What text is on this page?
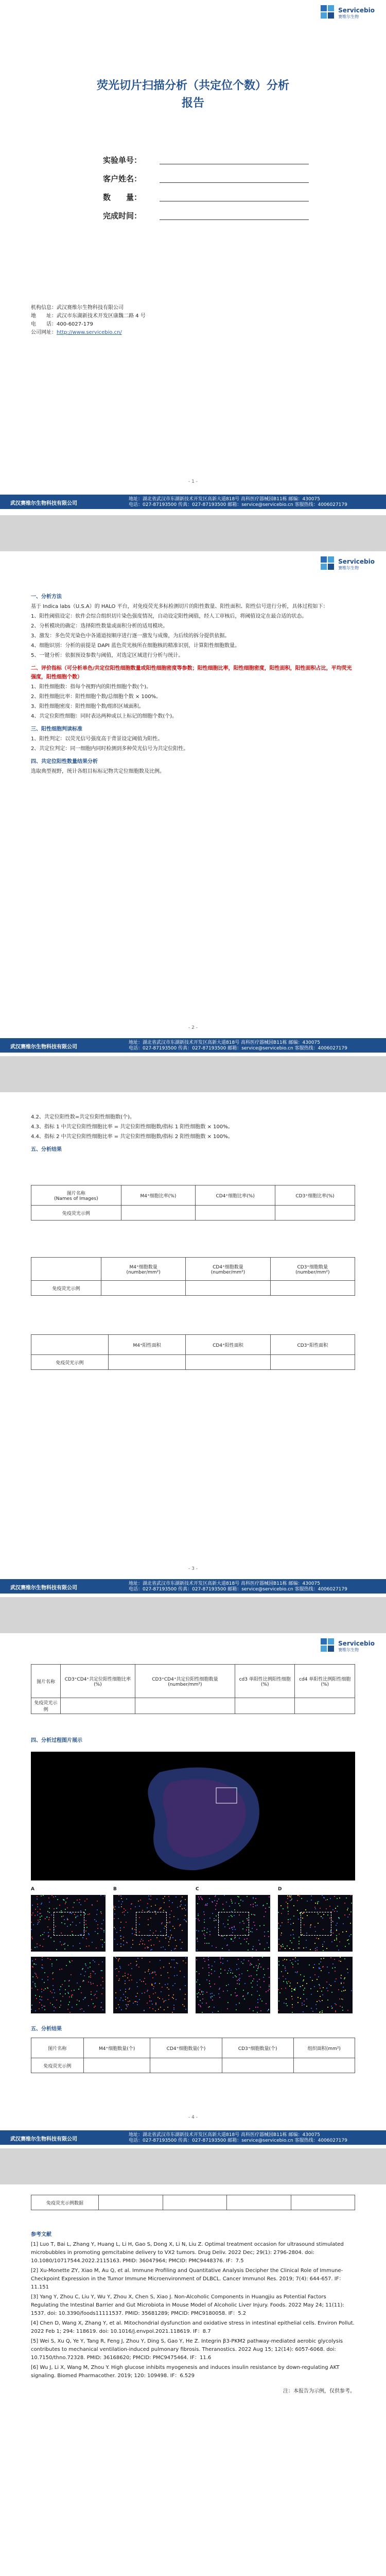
Servicebio
赛维尔生物
荧光切片扫描分析（共定位个数）分析
报告
实验单号：
客户姓名：
数　　量：
完成时间：
机构信息：武汉赛维尔生物科技有限公司
地　　址：武汉市东湖新技术开发区康魏二路 4 号
电　　话：400-6027-179
公司网址：http://www.servicebio.cn/
- 1 -
武汉赛维尔生物科技有限公司
地址：湖北省武汉市东湖新技术开发区高新大道818号 高科医疗器械园B11栋 邮编：430075
电话：027-87193500 传真：027-87193500 邮箱：service@servicebio.cn 客服热线：4006027179
Servicebio
赛维尔生物

一、分析方法

基于 Indica labs（U.S.A）的 HALO 平台，对免疫荧光多标检测切片的阳性数量、阳性面积、阳性信号进行分析，具体过程如下：

1、阳性阈值设定：软件会综合组织切片染色强度情况，自动设定阳性阈值，经人工审核后，将阈值设定在最合适的状态。

2、分析模块的确定：选择阳性数量或面积分析的适用模块。

3、激发：多色荧光染色中各通道按顺序进行逐一激发与成像，为后续的拆分提供依据。

4、细胞识别：分析的前提是 DAPI 蓝色荧光核所在细胞核的精准识别，计算阳性细胞数量。

5、一键分析：依据预设参数与阈值，对选定区域进行分析与统计。

二、评价指标（可分析单色/共定位阳性细胞数量或阳性细胞密度等参数；阳性细胞比率，阳性细胞密度，阳性面积，阳性面积占比，平均荧光强度，阳性细胞个数）

1、阳性细胞数：指每个视野内的阳性细胞个数(个)。

2、阳性细胞比率：阳性细胞个数/总细胞个数 × 100%。

3、阳性细胞密度：阳性细胞个数/组织区域面积。

4、共定位阳性细胞：同时表达两种或以上标记的细胞个数(个)。

三、阳性细胞判读标准

1、阳性判定：以荧光信号强度高于背景设定阈值为阳性。

2、共定位判定：同一细胞内同时检测到多种荧光信号为共定位阳性。

四、共定位阳性数量结果分析

选取典型视野，统计各组目标标记物共定位细胞数及比例。

- 2 -
武汉赛维尔生物科技有限公司
地址：湖北省武汉市东湖新技术开发区高新大道818号 高科医疗器械园B11栋 邮编：430075
电话：027-87193500 传真：027-87193500 邮箱：service@servicebio.cn 客服热线：4006027179

4.2、共定位阳性数=共定位阳性细胞数(个)。

4.3、指标 1 中共定位阳性细胞比率 = 共定位阳性细胞数/指标 1 阳性细胞数 × 100%。

4.4、指标 2 中共定位阳性细胞比率 = 共定位阳性细胞数/指标 2 阳性细胞数 × 100%。

五、分析结果

图片名称
(Names of Images)	M4⁺细胞比率(%)	CD4⁺细胞比率(%)	CD3⁺细胞比率(%)
免疫荧光示例			
	M4⁺细胞数量
(number/mm²)	CD4⁺细胞数量
(number/mm²)	CD3⁺细胞数量
(number/mm²)
免疫荧光示例			
	M4⁺阳性面积	CD4⁺阳性面积	CD3⁺阳性面积
免疫荧光示例			
- 3 -
武汉赛维尔生物科技有限公司
地址：湖北省武汉市东湖新技术开发区高新大道818号 高科医疗器械园B11栋 邮编：430075
电话：027-87193500 传真：027-87193500 邮箱：service@servicebio.cn 客服热线：4006027179
Servicebio
赛维尔生物
图片名称	CD3⁺CD4⁺共定位阳性细胞比率(%)	CD3⁺CD4⁺共定位阳性细胞数量(number/mm²)	cd3 单阳性比例阳性细胞(%)	cd4 单阳性比例阳性细胞(%)
免疫荧光示例				

四、分析过程图片展示

A	B	C	D

五、分析结果

图片名称	M4⁺细胞数量(个)	CD4⁺细胞数量(个)	CD3⁺细胞数量(个)	组织面积(mm²)
免疫荧光示例				
- 4 -
武汉赛维尔生物科技有限公司
地址：湖北省武汉市东湖新技术开发区高新大道818号 高科医疗器械园B11栋 邮编：430075
电话：027-87193500 传真：027-87193500 邮箱：service@servicebio.cn 客服热线：4006027179
免疫荧光示例数据				

参考文献

[1] Luo T, Bai L, Zhang Y, Huang L, Li H, Gao S, Dong X, Li N, Liu Z. Optimal treatment occasion for ultrasound stimulated microbubbles in promoting gemcitabine delivery to VX2 tumors. Drug Deliv. 2022 Dec; 29(1): 2796-2804. doi: 10.1080/10717544.2022.2115163. PMID: 36047964; PMCID: PMC9448376. IF：7.5

[2] Xu-Monette ZY, Xiao M, Au Q, et al. Immune Profiling and Quantitative Analysis Decipher the Clinical Role of Immune-Checkpoint Expression in the Tumor Immune Microenvironment of DLBCL. Cancer Immunol Res. 2019; 7(4): 644-657. IF：11.151

[3] Yang Y, Zhou C, Liu Y, Wu Y, Zhou X, Chen S, Xiao J. Non-Alcoholic Components in Huangjiu as Potential Factors Regulating the Intestinal Barrier and Gut Microbiota in Mouse Model of Alcoholic Liver Injury. Foods. 2022 May 24; 11(11): 1537. doi: 10.3390/foods11111537. PMID: 35681289; PMCID: PMC9180058. IF：5.2

[4] Chen D, Wang X, Zhang Y, et al. Mitochondrial dysfunction and oxidative stress in intestinal epithelial cells. Environ Pollut. 2022 Feb 1; 294: 118619. doi: 10.1016/j.envpol.2021.118619. IF：8.7

[5] Wei S, Xu Q, Ye Y, Tang R, Feng J, Zhou Y, Ding S, Gao Y, He Z. Integrin β3-PKM2 pathway-mediated aerobic glycolysis contributes to mechanical ventilation-induced pulmonary fibrosis. Theranostics. 2022 Aug 15; 12(14): 6057-6068. doi: 10.7150/thno.72328. PMID: 36168620; PMCID: PMC9475464. IF：11.6

[6] Wu J, Li X, Wang M, Zhou Y. High glucose inhibits myogenesis and induces insulin resistance by down-regulating AKT signaling. Biomed Pharmacother. 2019; 120: 109498. IF：6.529

注：本报告为示例，仅供参考。
